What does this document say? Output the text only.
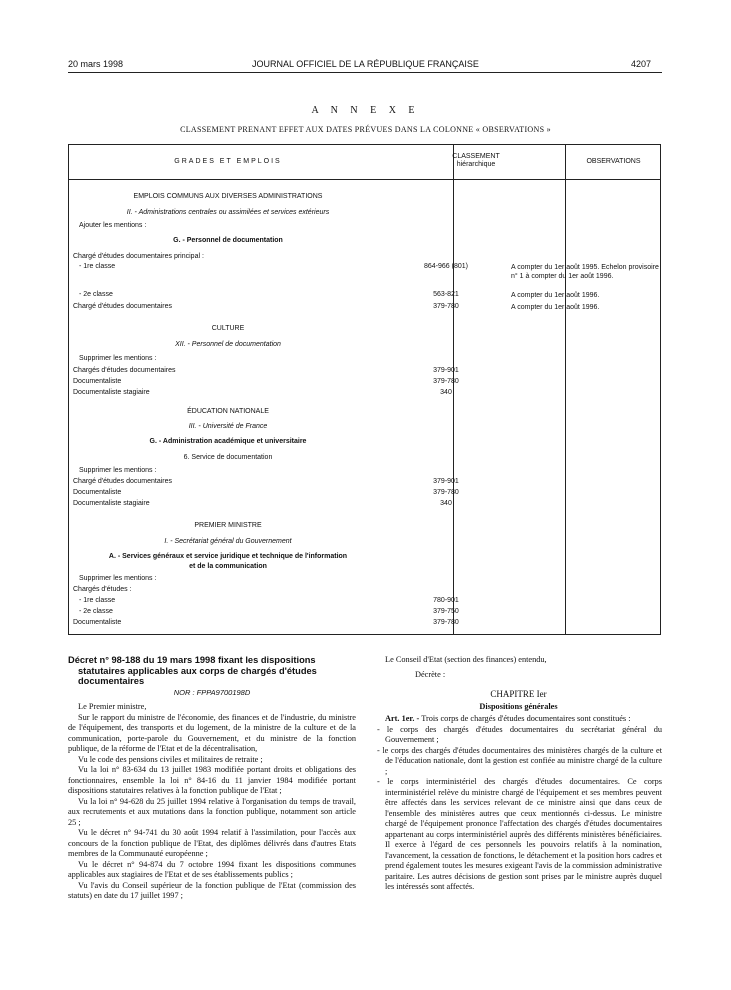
20 mars 1998	JOURNAL OFFICIEL DE LA RÉPUBLIQUE FRANÇAISE	4207
A N N E X E
CLASSEMENT PRENANT EFFET AUX DATES PRÉVUES DANS LA COLONNE « OBSERVATIONS »
GRADES ET EMPLOIS
CLASSEMENT
hiérarchique	OBSERVATIONS
EMPLOIS COMMUNS AUX DIVERSES ADMINISTRATIONS
II. - Administrations centrales ou assimilées et services extérieurs
Ajouter les mentions :
G. - Personnel de documentation
Chargé d'études documentaires principal :
- 1re classe	864-966 (801)	A compter du 1er août 1995. Echelon provisoire n° 1 à compter du 1er août 1996.
- 2e classe	563-821	A compter du 1er août 1996.
Chargé d'études documentaires	379-780	A compter du 1er août 1996.
CULTURE
XII. - Personnel de documentation
Supprimer les mentions :
Chargés d'études documentaires	379-901
Documentaliste	379-780
Documentaliste stagiaire	340
ÉDUCATION NATIONALE
III. - Université de France
G. - Administration académique et universitaire
6. Service de documentation
Supprimer les mentions :
Chargé d'études documentaires	379-901
Documentaliste	379-780
Documentaliste stagiaire	340
PREMIER MINISTRE
I. - Secrétariat général du Gouvernement
A. - Services généraux et service juridique et technique de l'information
et de la communication
Supprimer les mentions :
Chargés d'études :
- 1re classe	780-901
- 2e classe	379-750
Documentaliste	379-780
Décret n° 98-188 du 19 mars 1998 fixant les dispositions statutaires applicables aux corps de chargés d'études documentaires
NOR : FPPA9700198D

Le Premier ministre,

Sur le rapport du ministre de l'économie, des finances et de l'industrie, du ministre de l'équipement, des transports et du logement, de la ministre de la culture et de la communication, porte-parole du Gouvernement, et du ministre de la fonction publique, de la réforme de l'Etat et de la décentralisation,

Vu le code des pensions civiles et militaires de retraite ;

Vu la loi n° 83-634 du 13 juillet 1983 modifiée portant droits et obligations des fonctionnaires, ensemble la loi n° 84-16 du 11 janvier 1984 modifiée portant dispositions statutaires relatives à la fonction publique de l'Etat ;

Vu la loi n° 94-628 du 25 juillet 1994 relative à l'organisation du temps de travail, aux recrutements et aux mutations dans la fonction publique, notamment son article 25 ;

Vu le décret n° 94-741 du 30 août 1994 relatif à l'assimilation, pour l'accès aux concours de la fonction publique de l'Etat, des diplômes délivrés dans d'autres Etats membres de la Communauté européenne ;

Vu le décret n° 94-874 du 7 octobre 1994 fixant les dispositions communes applicables aux stagiaires de l'Etat et de ses établissements publics ;

Vu l'avis du Conseil supérieur de la fonction publique de l'Etat (commission des statuts) en date du 17 juillet 1997 ;

Le Conseil d'Etat (section des finances) entendu,

Décrète :

CHAPITRE Ier
Dispositions générales

Art. 1er. - Trois corps de chargés d'études documentaires sont constitués :

- le corps des chargés d'études documentaires du secrétariat général du Gouvernement ;

- le corps des chargés d'études documentaires des ministères chargés de la culture et de l'éducation nationale, dont la gestion est confiée au ministre chargé de la culture ;

- le corps interministériel des chargés d'études documentaires. Ce corps interministériel relève du ministre chargé de l'équipement et ses membres peuvent être affectés dans les services relevant de ce ministre ainsi que dans ceux de l'ensemble des ministères autres que ceux mentionnés ci-dessus. Le ministre chargé de l'équipement prononce l'affectation des chargés d'études documentaires appartenant au corps interministériel auprès des différents ministères bénéficiaires. Il exerce à l'égard de ces personnels les pouvoirs relatifs à la nomination, l'avancement, la cessation de fonctions, le détachement et la position hors cadres et prend également toutes les mesures exigeant l'avis de la commission administrative paritaire. Les autres décisions de gestion sont prises par le ministre auprès duquel les intéressés sont affectés.
